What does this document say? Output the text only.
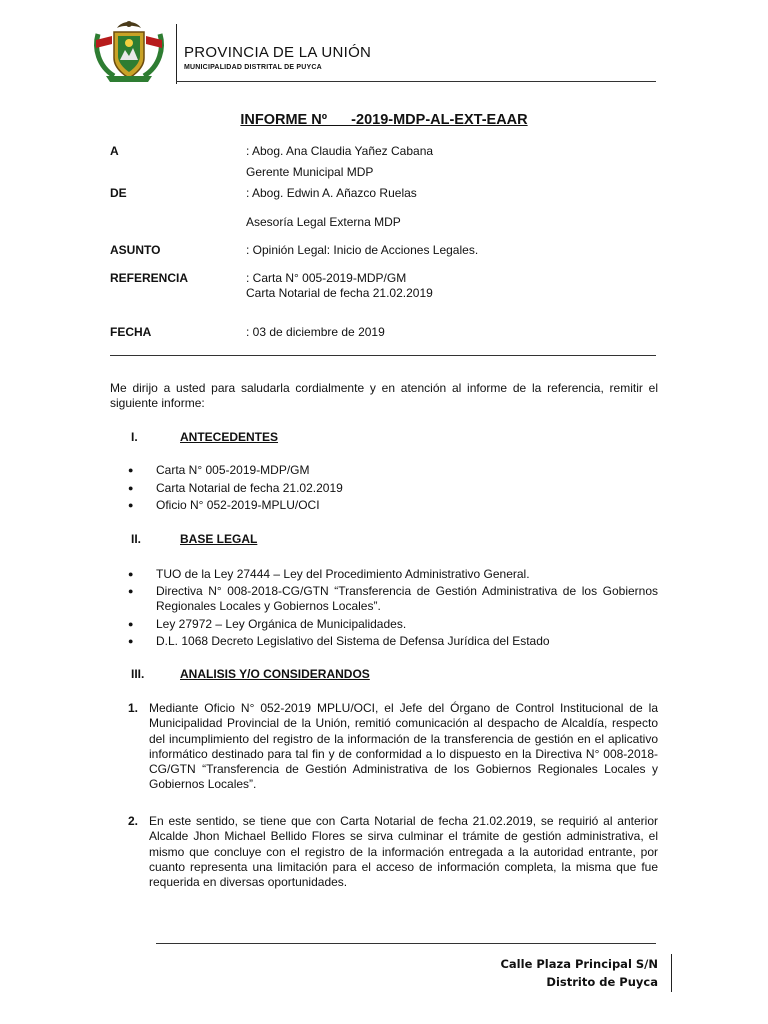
PROVINCIA DE LA UNIÓN
MUNICIPALIDAD DISTRITAL DE PUYCA
INFORME Nº      -2019-MDP-AL-EXT-EAAR
A	: Abog. Ana Claudia Yañez Cabana
Gerente Municipal MDP
DE	: Abog. Edwin A. Añazco Ruelas
Asesoría Legal Externa MDP
ASUNTO	: Opinión Legal: Inicio de Acciones Legales.
REFERENCIA	: Carta N° 005-2019-MDP/GM
Carta Notarial de fecha 21.02.2019
FECHA	: 03 de diciembre de 2019
Me dirijo a usted para saludarla cordialmente y en atención al informe de la referencia, remitir el siguiente informe:
I.	ANTECEDENTES
● Carta N° 005-2019-MDP/GM
● Carta Notarial de fecha 21.02.2019
● Oficio N° 052-2019-MPLU/OCI
II.	BASE LEGAL
● TUO de la Ley 27444 – Ley del Procedimiento Administrativo General.
● Directiva N° 008-2018-CG/GTN “Transferencia de Gestión Administrativa de los Gobiernos Regionales Locales y Gobiernos Locales”.
● Ley 27972 – Ley Orgánica de Municipalidades.
● D.L. 1068 Decreto Legislativo del Sistema de Defensa Jurídica del Estado
III.	ANALISIS Y/O CONSIDERANDOS
1. Mediante Oficio N° 052-2019 MPLU/OCI, el Jefe del Órgano de Control Institucional de la Municipalidad Provincial de la Unión, remitió comunicación al despacho de Alcaldía, respecto del incumplimiento del registro de la información de la transferencia de gestión en el aplicativo informático destinado para tal fin y de conformidad a lo dispuesto en la Directiva N° 008-2018-CG/GTN “Transferencia de Gestión Administrativa de los Gobiernos Regionales Locales y Gobiernos Locales”.
2. En este sentido, se tiene que con Carta Notarial de fecha 21.02.2019, se requirió al anterior Alcalde Jhon Michael Bellido Flores se sirva culminar el trámite de gestión administrativa, el mismo que concluye con el registro de la información entregada a la autoridad entrante, por cuanto representa una limitación para el acceso de información completa, la misma que fue requerida en diversas oportunidades.
Calle Plaza Principal S/N
Distrito de Puyca
